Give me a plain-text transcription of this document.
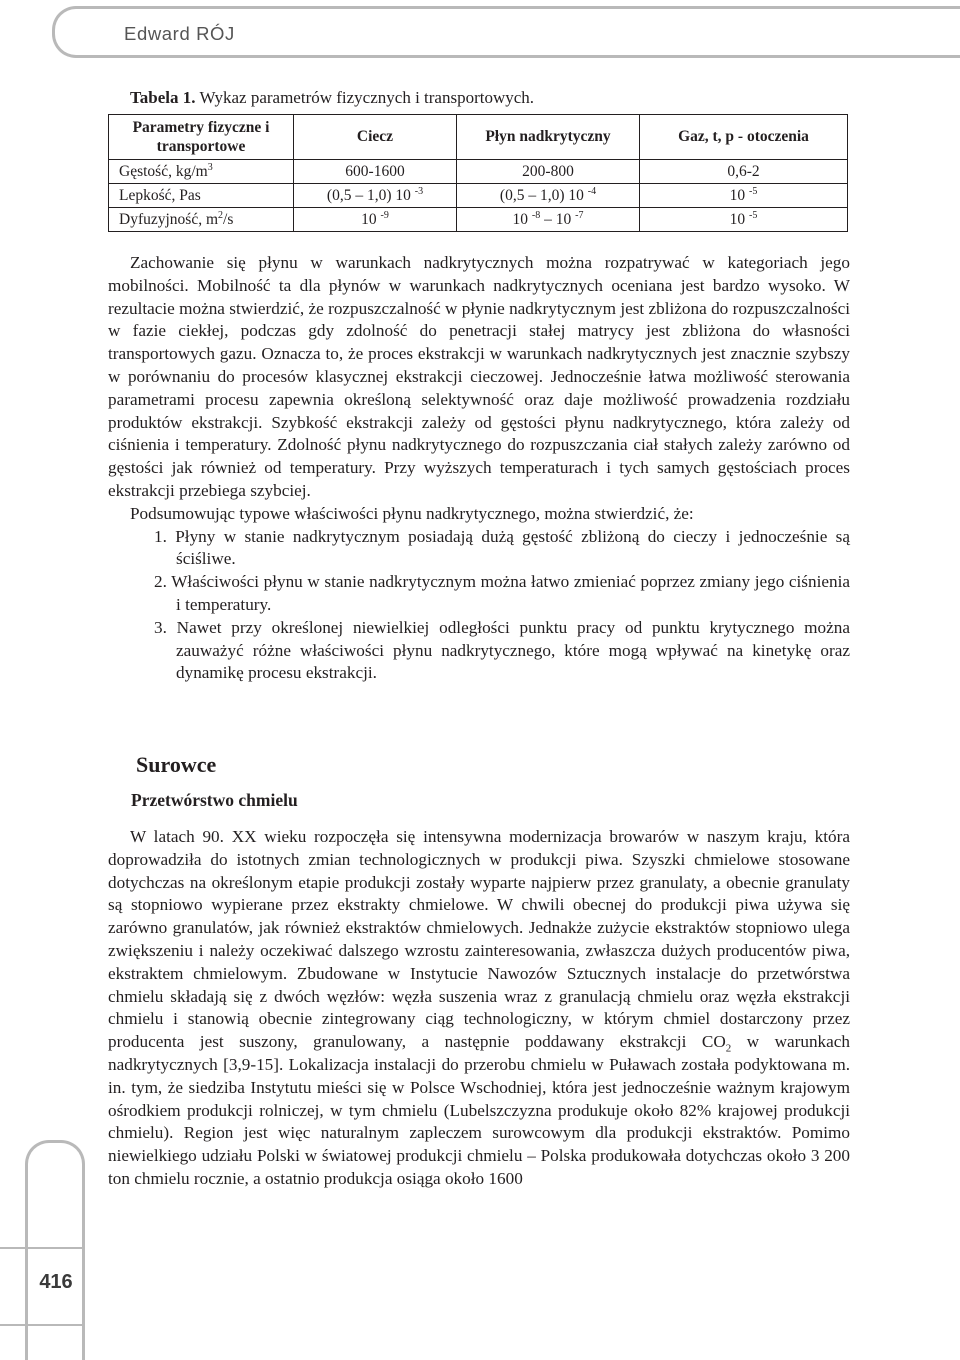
Edward RÓJ
416
Tabela 1. Wykaz parametrów fizycznych i transportowych.
Parametry fizyczne i transportowe	Ciecz	Płyn nadkrytyczny	Gaz, t, p - otoczenia
Gęstość, $kg/m^3$	600-1600	200-800	0,6-2
Lepkość, Pas	(0,5 – 1,0) 10 $^{-3}$	(0,5 – 1,0) 10 $^{-4}$	10 $^{-5}$
Dyfuzyjność, $m^2/s$	10 $^{-9}$	10 $^{-8}$ – 10 $^{-7}$	10 $^{-5}$

Zachowanie się płynu w warunkach nadkrytycznych można rozpatrywać w kategoriach jego mobilności. Mobilność ta dla płynów w warunkach nadkrytycznych oceniana jest bardzo wysoko. W rezultacie można stwierdzić, że rozpuszczalność w płynie nadkrytycznym jest zbliżona do rozpuszczalności w fazie ciekłej, podczas gdy zdolność do penetracji stałej matrycy jest zbliżona do własności transportowych gazu. Oznacza to, że proces ekstrakcji w warunkach nadkrytycznych jest znacznie szybszy w porównaniu do procesów klasycznej ekstrakcji cieczowej. Jednocześnie łatwa możliwość sterowania parametrami procesu zapewnia określoną selektywność oraz daje możliwość prowadzenia rozdziału produktów ekstrakcji. Szybkość ekstrakcji zależy od gęstości płynu nadkrytycznego, która zależy od ciśnienia i temperatury. Zdolność płynu nadkrytycznego do rozpuszczania ciał stałych zależy zarówno od gęstości jak również od temperatury. Przy wyższych temperaturach i tych samych gęstościach proces ekstrakcji przebiega szybciej.

Podsumowując typowe właściwości płynu nadkrytycznego, można stwierdzić, że:

1. Płyny w stanie nadkrytycznym posiadają dużą gęstość zbliżoną do cieczy i jednocześnie są ściśliwe.
2. Właściwości płynu w stanie nadkrytycznym można łatwo zmieniać poprzez zmiany jego ciśnienia i temperatury.
3. Nawet przy określonej niewielkiej odległości punktu pracy od punktu krytycznego można zauważyć różne właściwości płynu nadkrytycznego, które mogą wpływać na kinetykę oraz dynamikę procesu ekstrakcji.
Surowce
Przetwórstwo chmielu

W latach 90. XX wieku rozpoczęła się intensywna modernizacja browarów w naszym kraju, która doprowadziła do istotnych zmian technologicznych w produkcji piwa. Szyszki chmielowe stosowane dotychczas na określonym etapie produkcji zostały wyparte najpierw przez granulaty, a obecnie granulaty są stopniowo wypierane przez ekstrakty chmielowe. W chwili obecnej do produkcji piwa używa się zarówno granulatów, jak również ekstraktów chmielowych. Jednakże zużycie ekstraktów stopniowo ulega zwiększeniu i należy oczekiwać dalszego wzrostu zainteresowania, zwłaszcza dużych producentów piwa, ekstraktem chmielowym. Zbudowane w Instytucie Nawozów Sztucznych instalacje do przetwórstwa chmielu składają się z dwóch węzłów: węzła suszenia wraz z granulacją chmielu oraz węzła ekstrakcji chmielu i stanowią obecnie zintegrowany ciąg technologiczny, w którym chmiel dostarczony przez producenta jest suszony, granulowany, a następnie poddawany ekstrakcji $CO_2$ w warunkach nadkrytycznych [3,9-15]. Lokalizacja instalacji do przerobu chmielu w Puławach została podyktowana m. in. tym, że siedziba Instytutu mieści się w Polsce Wschodniej, która jest jednocześnie ważnym krajowym ośrodkiem produkcji rolniczej, w tym chmielu (Lubelszczyzna produkuje około 82% krajowej produkcji chmielu). Region jest więc naturalnym zapleczem surowcowym dla produkcji ekstraktów. Pomimo niewielkiego udziału Polski w światowej produkcji chmielu – Polska produkowała dotychczas około 3 200 ton chmielu rocznie, a ostatnio produkcja osiąga około 1600
